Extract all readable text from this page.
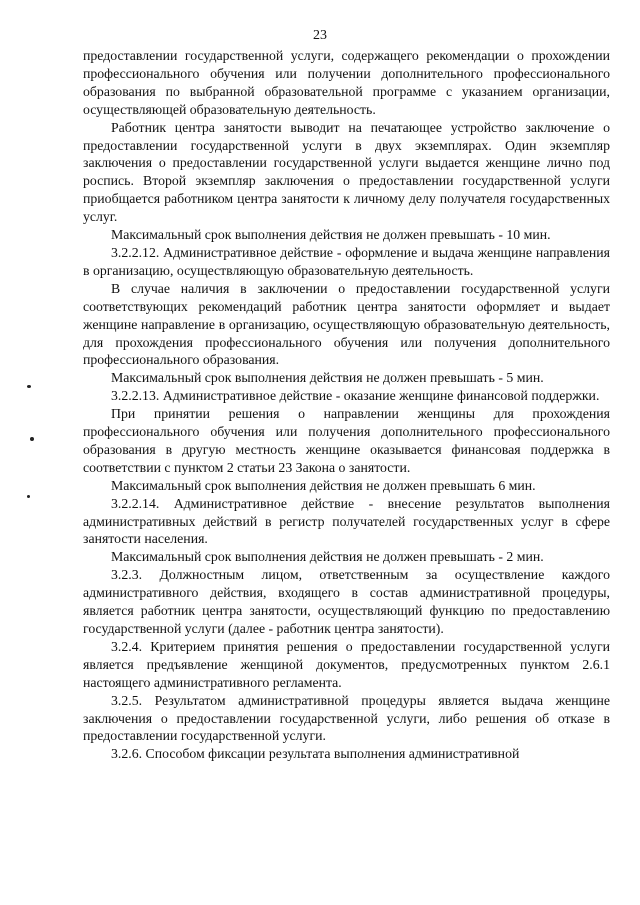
23

предоставлении государственной услуги, содержащего рекомендации о прохождении профессионального обучения или получении дополнительного профессионального образования по выбранной образовательной программе с указанием организации, осуществляющей образовательную деятельность.

Работник центра занятости выводит на печатающее устройство заключение о предоставлении государственной услуги в двух экземплярах. Один экземпляр заключения о предоставлении государственной услуги выдается женщине лично под роспись. Второй экземпляр заключения о предоставлении государственной услуги приобщается работником центра занятости к личному делу получателя государственных услуг.

Максимальный срок выполнения действия не должен превышать - 10 мин.

3.2.2.12. Административное действие - оформление и выдача женщине направления в организацию, осуществляющую образовательную деятельность.

В случае наличия в заключении о предоставлении государственной услуги соответствующих рекомендаций работник центра занятости оформляет и выдает женщине направление в организацию, осуществляющую образовательную деятельность, для прохождения профессионального обучения или получения дополнительного профессионального образования.

Максимальный срок выполнения действия не должен превышать - 5 мин.

3.2.2.13. Административное действие - оказание женщине финансовой поддержки.

При принятии решения о направлении женщины для прохождения профессионального обучения или получения дополнительного профессионального образования в другую местность женщине оказывается финансовая поддержка в соответствии с пунктом 2 статьи 23 Закона о занятости.

Максимальный срок выполнения действия не должен превышать 6 мин.

3.2.2.14. Административное действие - внесение результатов выполнения административных действий в регистр получателей государственных услуг в сфере занятости населения.

Максимальный срок выполнения действия не должен превышать - 2 мин.

3.2.3. Должностным лицом, ответственным за осуществление каждого административного действия, входящего в состав административной процедуры, является работник центра занятости, осуществляющий функцию по предоставлению государственной услуги (далее - работник центра занятости).

3.2.4. Критерием принятия решения о предоставлении государственной услуги является предъявление женщиной документов, предусмотренных пунктом 2.6.1 настоящего административного регламента.

3.2.5. Результатом административной процедуры является выдача женщине заключения о предоставлении государственной услуги, либо решения об отказе в предоставлении государственной услуги.

3.2.6. Способом фиксации результата выполнения административной
